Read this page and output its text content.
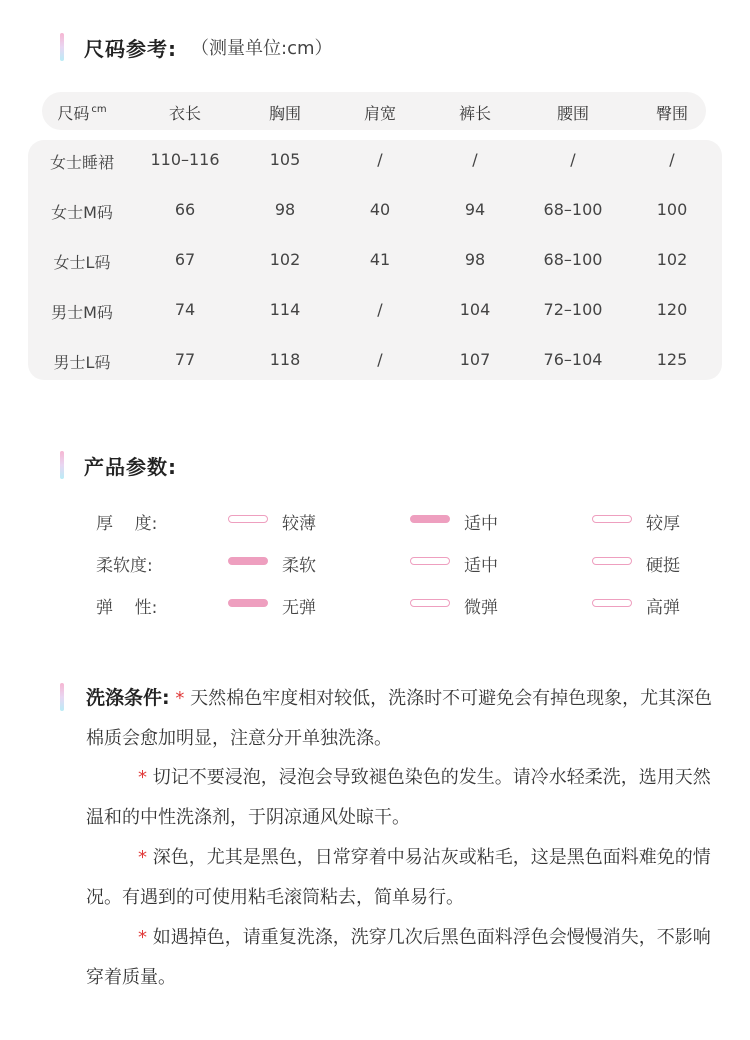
尺码参考: （测量单位:cm）
尺码 $^{cm}$	衣长	胸围	肩宽	裤长	腰围	臀围
女士睡裙	110–116	105	/	/	/	/
女士M码	66	98	40	94	68–100	100
女士L码	67	102	41	98	68–100	102
男士M码	74	114	/	104	72–100	120
男士L码	77	118	/	107	76–104	125
产品参数:
厚    度:	较薄	适中	较厚
柔软度:	柔软	适中	硬挺
弹    性:	无弹	微弹	高弹
洗涤条件: * 天然棉色牢度相对较低，洗涤时不可避免会有掉色现象，尤其深色棉质会愈加明显，注意分开单独洗涤。
* 切记不要浸泡，浸泡会导致褪色染色的发生。请冷水轻柔洗，选用天然温和的中性洗涤剂，于阴凉通风处晾干。
* 深色，尤其是黑色，日常穿着中易沾灰或粘毛，这是黑色面料难免的情况。有遇到的可使用粘毛滚筒粘去，简单易行。
* 如遇掉色，请重复洗涤，洗穿几次后黑色面料浮色会慢慢消失，不影响穿着质量。
